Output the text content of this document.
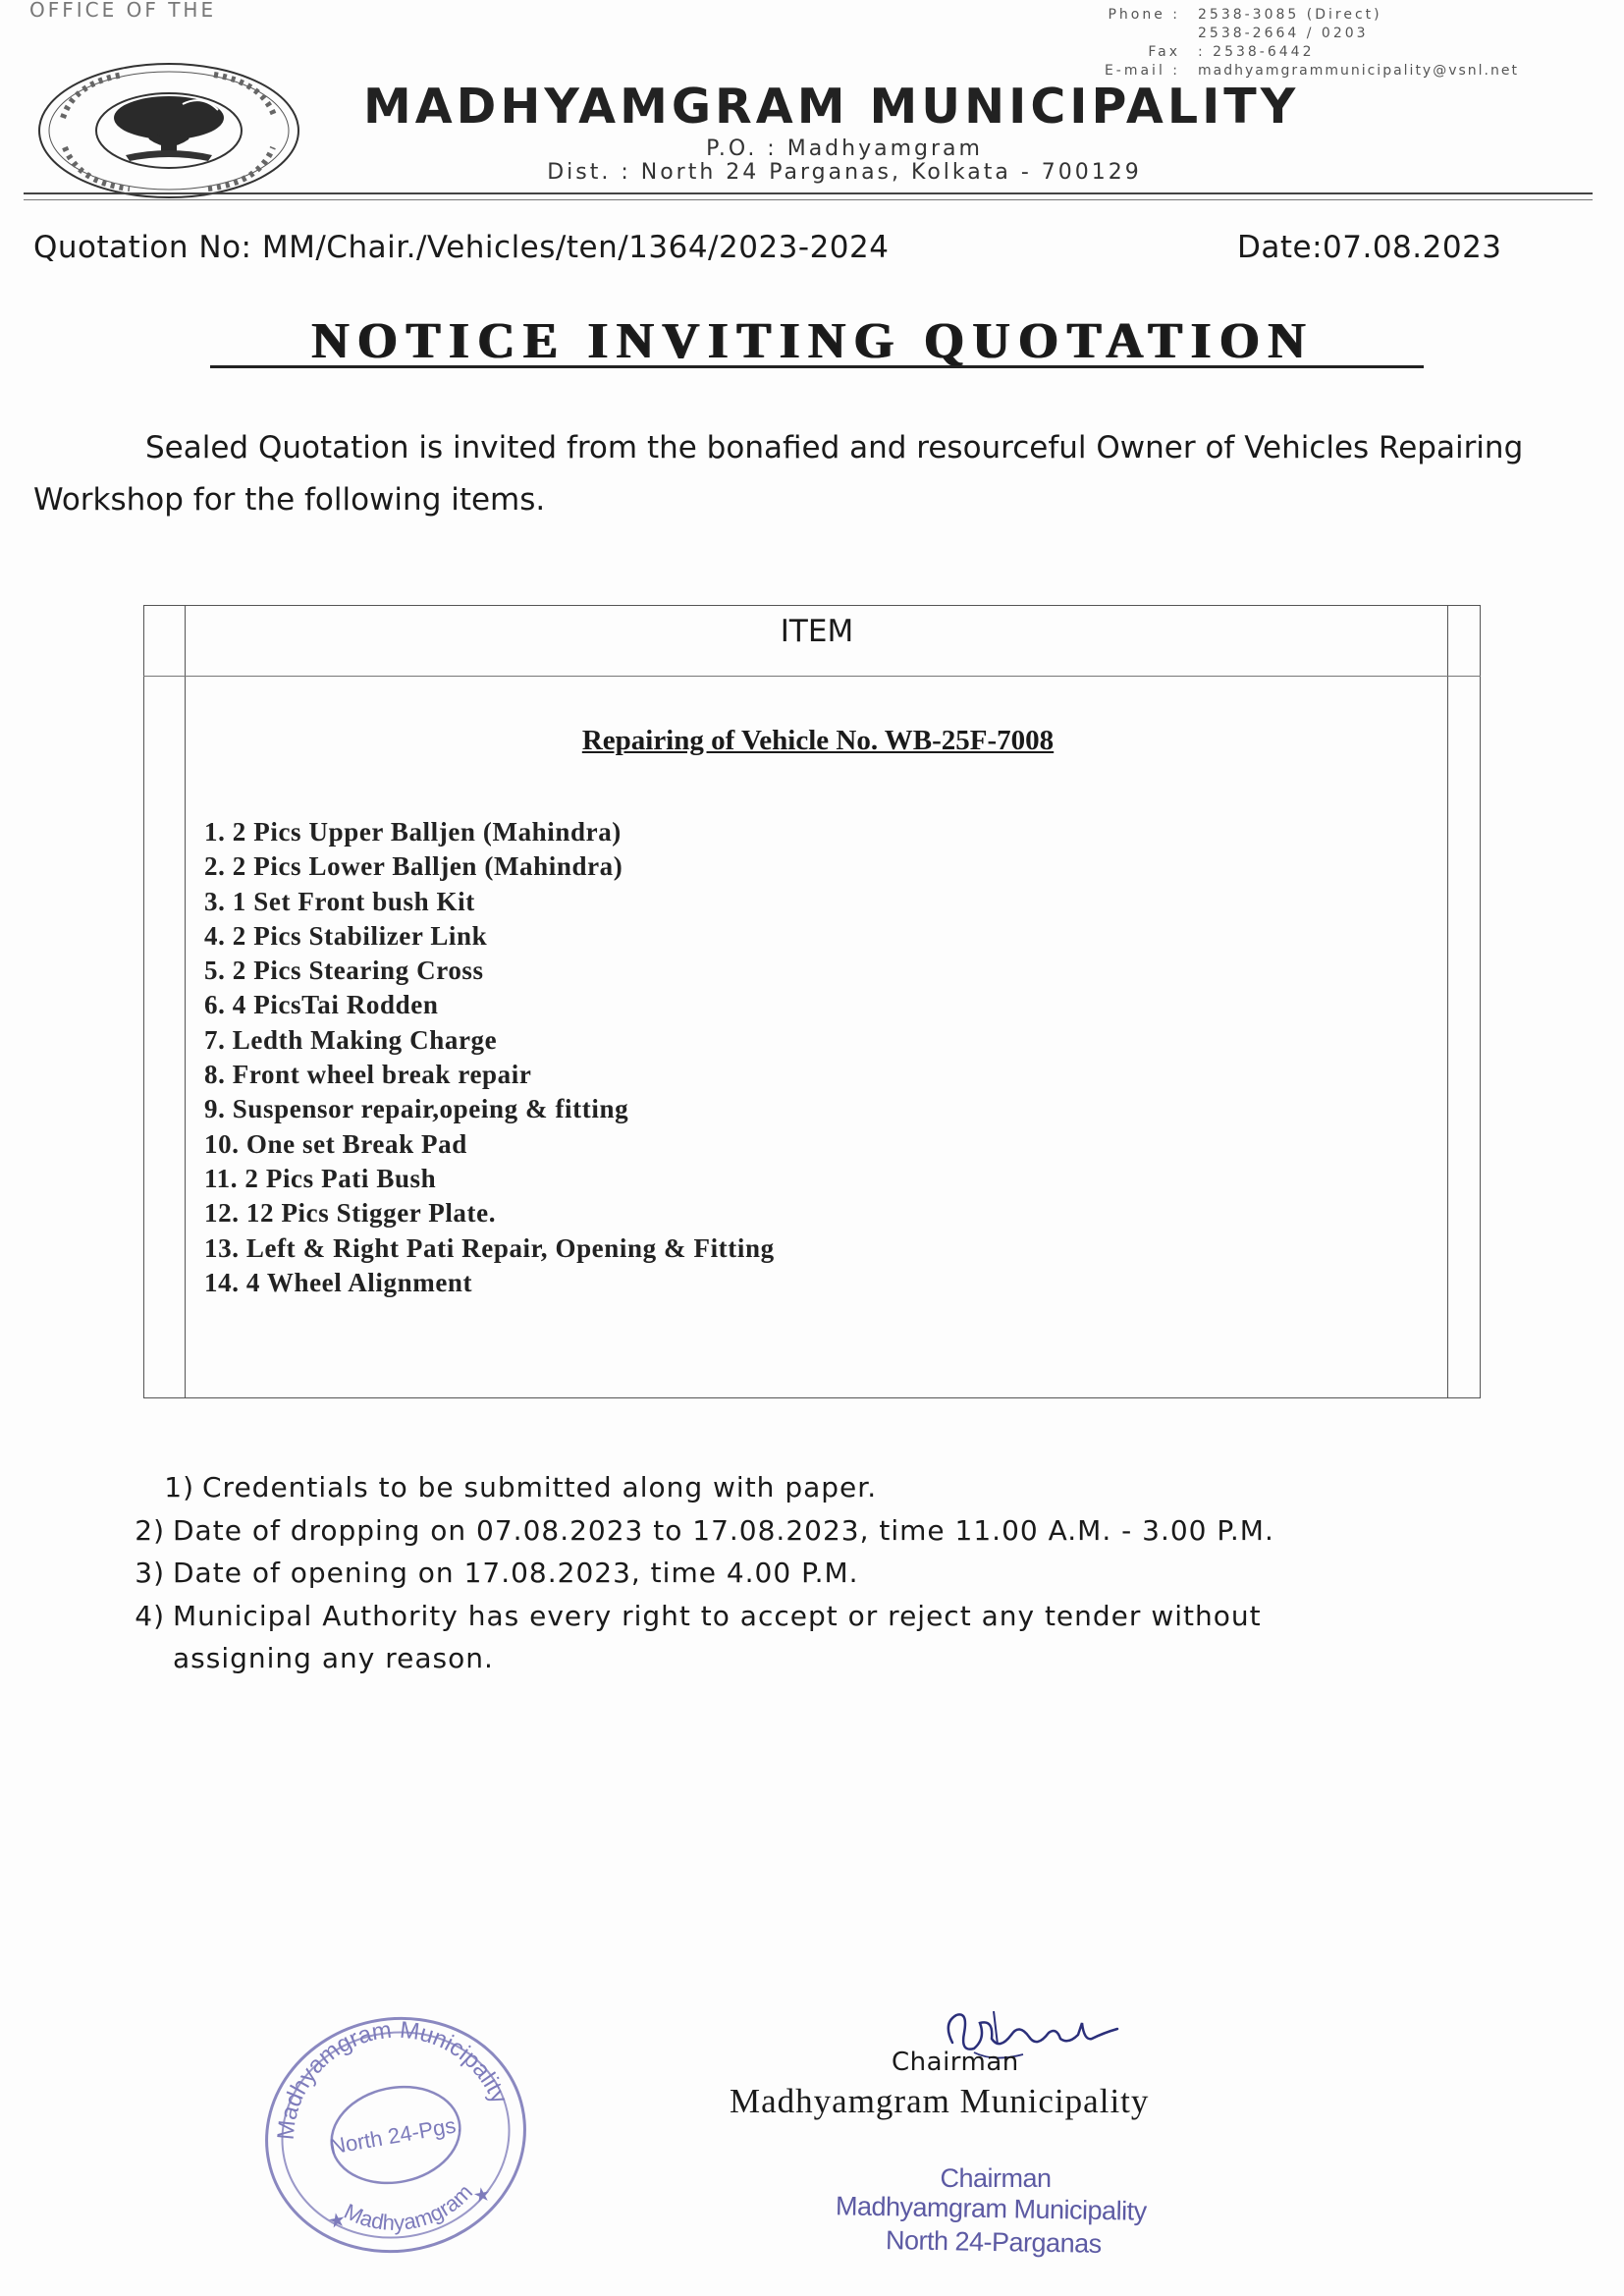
OFFICE OF THE	Phone :	2538-3085 (Direct)
2538-2664 / 0203
Fax	: 2538-6442
E-mail :	madhyamgrammunicipality@vsnl.net
MADHYAMGRAM MUNICIPALITY
P.O. : Madhyamgram
Dist. : North 24 Parganas, Kolkata - 700129
Quotation No: MM/Chair./Vehicles/ten/1364/2023-2024	Date:07.08.2023
NOTICE INVITING QUOTATION
Sealed Quotation is invited from the bonafied and resourceful Owner of Vehicles Repairing Workshop for the following items.
ITEM
Repairing of Vehicle No. WB-25F-7008
1. 2 Pics Upper Balljen (Mahindra)
2. 2 Pics Lower Balljen (Mahindra)
3. 1 Set Front bush Kit
4. 2 Pics Stabilizer Link
5. 2 Pics Stearing Cross
6. 4 PicsTai Rodden
7. Ledth Making Charge
8. Front wheel break repair
9. Suspensor repair,opeing & fitting
10. One set Break Pad
11. 2 Pics Pati Bush
12. 12 Pics Stigger Plate.
13. Left & Right Pati Repair, Opening & Fitting
14. 4 Wheel Alignment
1) Credentials to be submitted along with paper.
2) Date of dropping on 07.08.2023 to 17.08.2023, time 11.00 A.M. - 3.00 P.M.
3) Date of opening on 17.08.2023, time 4.00 P.M.
4) Municipal Authority has every right to accept or reject any tender without
assigning any reason.
Chairman
Madhyamgram Municipality
Madhyamgram Municipality
North 24-Pgs.
Madhyamgram
★
★
Chairman
Madhyamgram Municipality
North 24-Parganas
